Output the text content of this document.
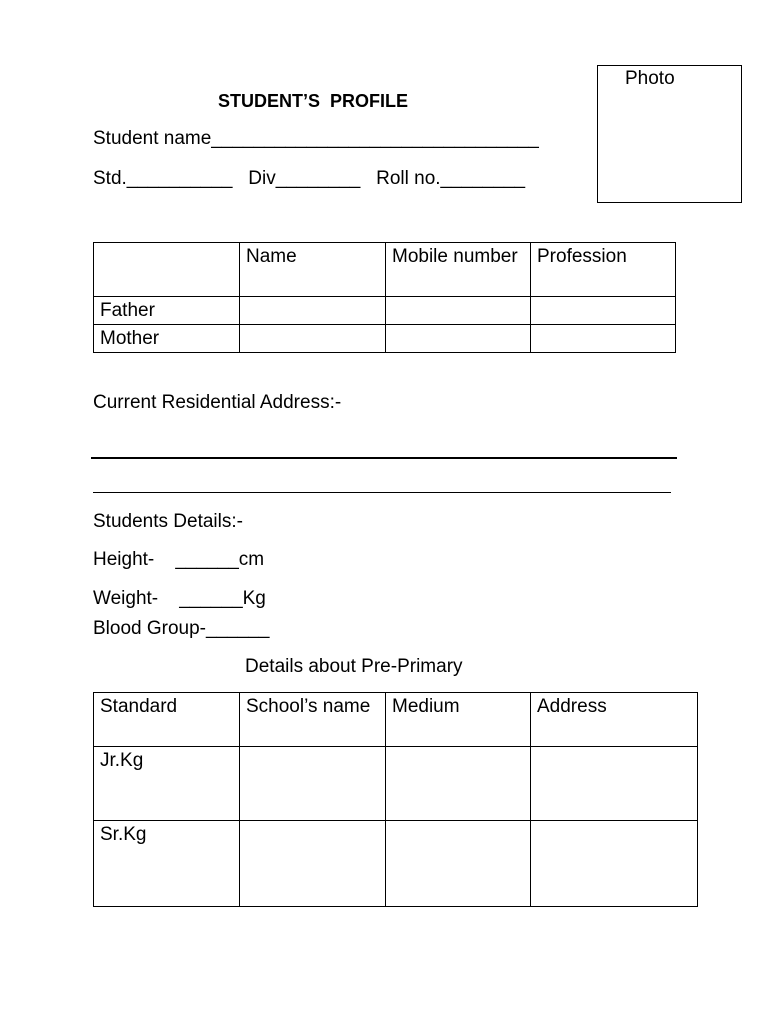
STUDENT’S  PROFILE
Photo
Student name_______________________________
Std.__________   Div________   Roll no.________
	Name	Mobile number	Profession
Father			
Mother			
Current Residential Address:-
Students Details:-
Height-    ______cm
Weight-    ______Kg
Blood Group-______
Details about Pre-Primary
Standard	School’s name	Medium	Address
Jr.Kg			
Sr.Kg			
